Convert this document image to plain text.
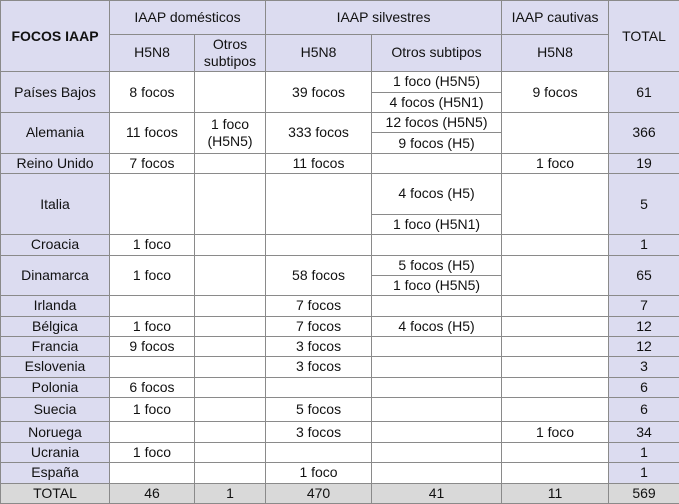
FOCOS IAAP	IAAP domésticos		IAAP silvestres		IAAP cautivas	TOTAL
	H5N8	Otros subtipos	H5N8	Otros subtipos	H5N8	
Países Bajos	8 focos		39 focos	1 foco (H5N5)	9 focos	61
				4 focos (H5N1)		
Alemania	11 focos	1 foco (H5N5)	333 focos	12 focos (H5N5)		366
				9 focos (H5)		
Reino Unido	7 focos		11 focos		1 foco	19
Italia				4 focos (H5)		5
				1 foco (H5N1)		
Croacia	1 foco					1
Dinamarca	1 foco		58 focos	5 focos (H5)		65
				1 foco (H5N5)		
Irlanda			7 focos			7
Bélgica	1 foco		7 focos	4 focos (H5)		12
Francia	9 focos		3 focos			12
Eslovenia			3 focos			3
Polonia	6 focos					6
Suecia	1 foco		5 focos			6
Noruega			3 focos		1 foco	34
Ucrania	1 foco					1
España			1 foco			1
TOTAL	46	1	470	41	11	569
